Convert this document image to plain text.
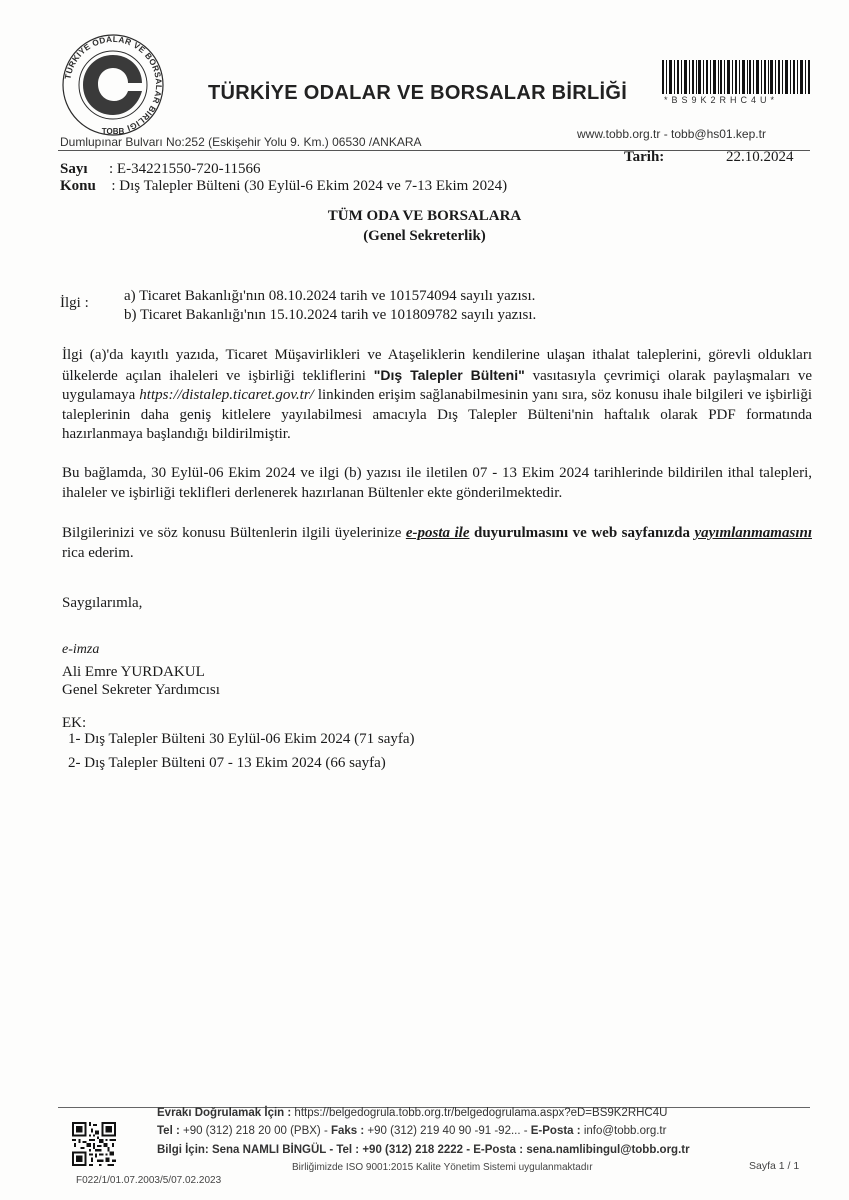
TÜRKİYE ODALAR VE BORSALAR BİRLİĞİ
TOBB
TÜRKİYE ODALAR VE BORSALAR BİRLİĞİ	*BS9K2RHC4U*
Dumlupınar Bulvarı No:252 (Eskişehir Yolu 9. Km.) 06530 /ANKARA
www.tobb.org.tr - tobb@hs01.kep.tr
Sayı : E-34221550-720-11566
Konu : Dış Talepler Bülteni (30 Eylül-6 Ekim 2024 ve 7-13 Ekim 2024)
Tarih:	22.10.2024
TÜM ODA VE BORSALARA
(Genel Sekreterlik)
İlgi : a) Ticaret Bakanlığı'nın 08.10.2024 tarih ve 101574094 sayılı yazısı.
b) Ticaret Bakanlığı'nın 15.10.2024 tarih ve 101809782 sayılı yazısı.
İlgi (a)'da kayıtlı yazıda, Ticaret Müşavirlikleri ve Ataşeliklerin kendilerine ulaşan ithalat taleplerini, görevli oldukları ülkelerde açılan ihaleleri ve işbirliği tekliflerini "Dış Talepler Bülteni" vasıtasıyla çevrimiçi olarak paylaşmaları ve uygulamaya https://distalep.ticaret.gov.tr/ linkinden erişim sağlanabilmesinin yanı sıra, söz konusu ihale bilgileri ve işbirliği taleplerinin daha geniş kitlelere yayılabilmesi amacıyla Dış Talepler Bülteni'nin haftalık olarak PDF formatında hazırlanmaya başlandığı bildirilmiştir.
Bu bağlamda, 30 Eylül-06 Ekim 2024 ve ilgi (b) yazısı ile iletilen 07 - 13 Ekim 2024 tarihlerinde bildirilen ithal talepleri, ihaleler ve işbirliği teklifleri derlenerek hazırlanan Bültenler ekte gönderilmektedir.
Bilgilerinizi ve söz konusu Bültenlerin ilgili üyelerinize e-posta ile duyurulmasını ve web sayfanızda yayımlanmamasını rica ederim.
Saygılarımla,
e-imza
Ali Emre YURDAKUL
Genel Sekreter Yardımcısı
EK:
1- Dış Talepler Bülteni 30 Eylül-06 Ekim 2024 (71 sayfa)
2- Dış Talepler Bülteni 07 - 13 Ekim 2024 (66 sayfa)
Evrakı Doğrulamak İçin : https://belgedogrula.tobb.org.tr/belgedogrulama.aspx?eD=BS9K2RHC4U
Tel : +90 (312) 218 20 00 (PBX) - Faks : +90 (312) 219 40 90 -91 -92... - E-Posta : info@tobb.org.tr
Bilgi İçin: Sena NAMLI BİNGÜL - Tel : +90 (312) 218 2222 - E-Posta : sena.namlibingul@tobb.org.tr
F022/1/01.07.2003/5/07.02.2023
Birliğimizde ISO 9001:2015 Kalite Yönetim Sistemi uygulanmaktadır	Sayfa 1 / 1
